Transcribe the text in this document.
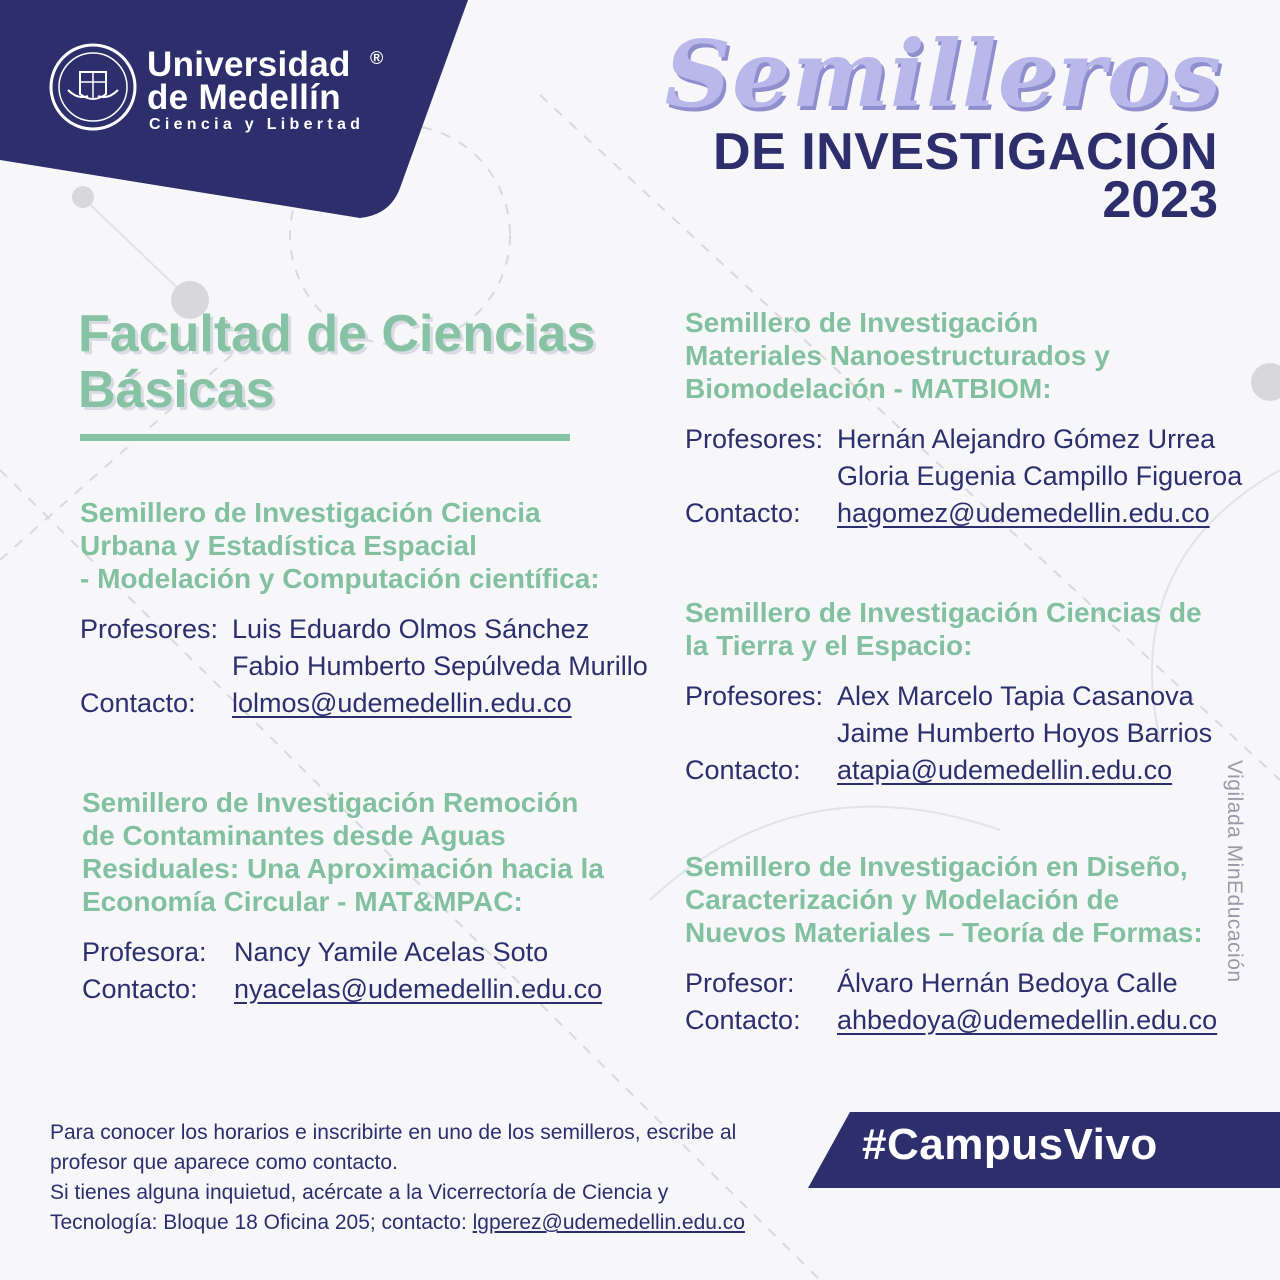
Universidad
de Medellín
®
Ciencia y Libertad	Semilleros
DE INVESTIGACIÓN
2023
Facultad de Ciencias
Básicas
Semillero de Investigación Ciencia
Urbana y Estadística Espacial
- Modelación y Computación científica:
Profesores: Luis Eduardo Olmos Sánchez
Fabio Humberto Sepúlveda Murillo
Contacto:	lolmos@udemedellin.edu.co
Semillero de Investigación Remoción
de Contaminantes desde Aguas
Residuales: Una Aproximación hacia la
Economía Circular - MAT&MPAC:
Profesora:	Nancy Yamile Acelas Soto
Contacto:	nyacelas@udemedellin.edu.co
Semillero de Investigación
Materiales Nanoestructurados y
Biomodelación - MATBIOM:
Profesores: Hernán Alejandro Gómez Urrea
Gloria Eugenia Campillo Figueroa
Contacto:	hagomez@udemedellin.edu.co
Semillero de Investigación Ciencias de
la Tierra y el Espacio:
Profesores: Alex Marcelo Tapia Casanova
Jaime Humberto Hoyos Barrios
Contacto:	atapia@udemedellin.edu.co
Semillero de Investigación en Diseño,
Caracterización y Modelación de
Nuevos Materiales – Teoría de Formas:
Profesor:	Álvaro Hernán Bedoya Calle
Contacto:	ahbedoya@udemedellin.edu.co
Para conocer los horarios e inscribirte en uno de los semilleros, escribe al
profesor que aparece como contacto.
Si tienes alguna inquietud, acércate a la Vicerrectoría de Ciencia y
Tecnología: Bloque 18 Oficina 205; contacto: lgperez@udemedellin.edu.co
#CampusVivo
Vigilada MinEducación
